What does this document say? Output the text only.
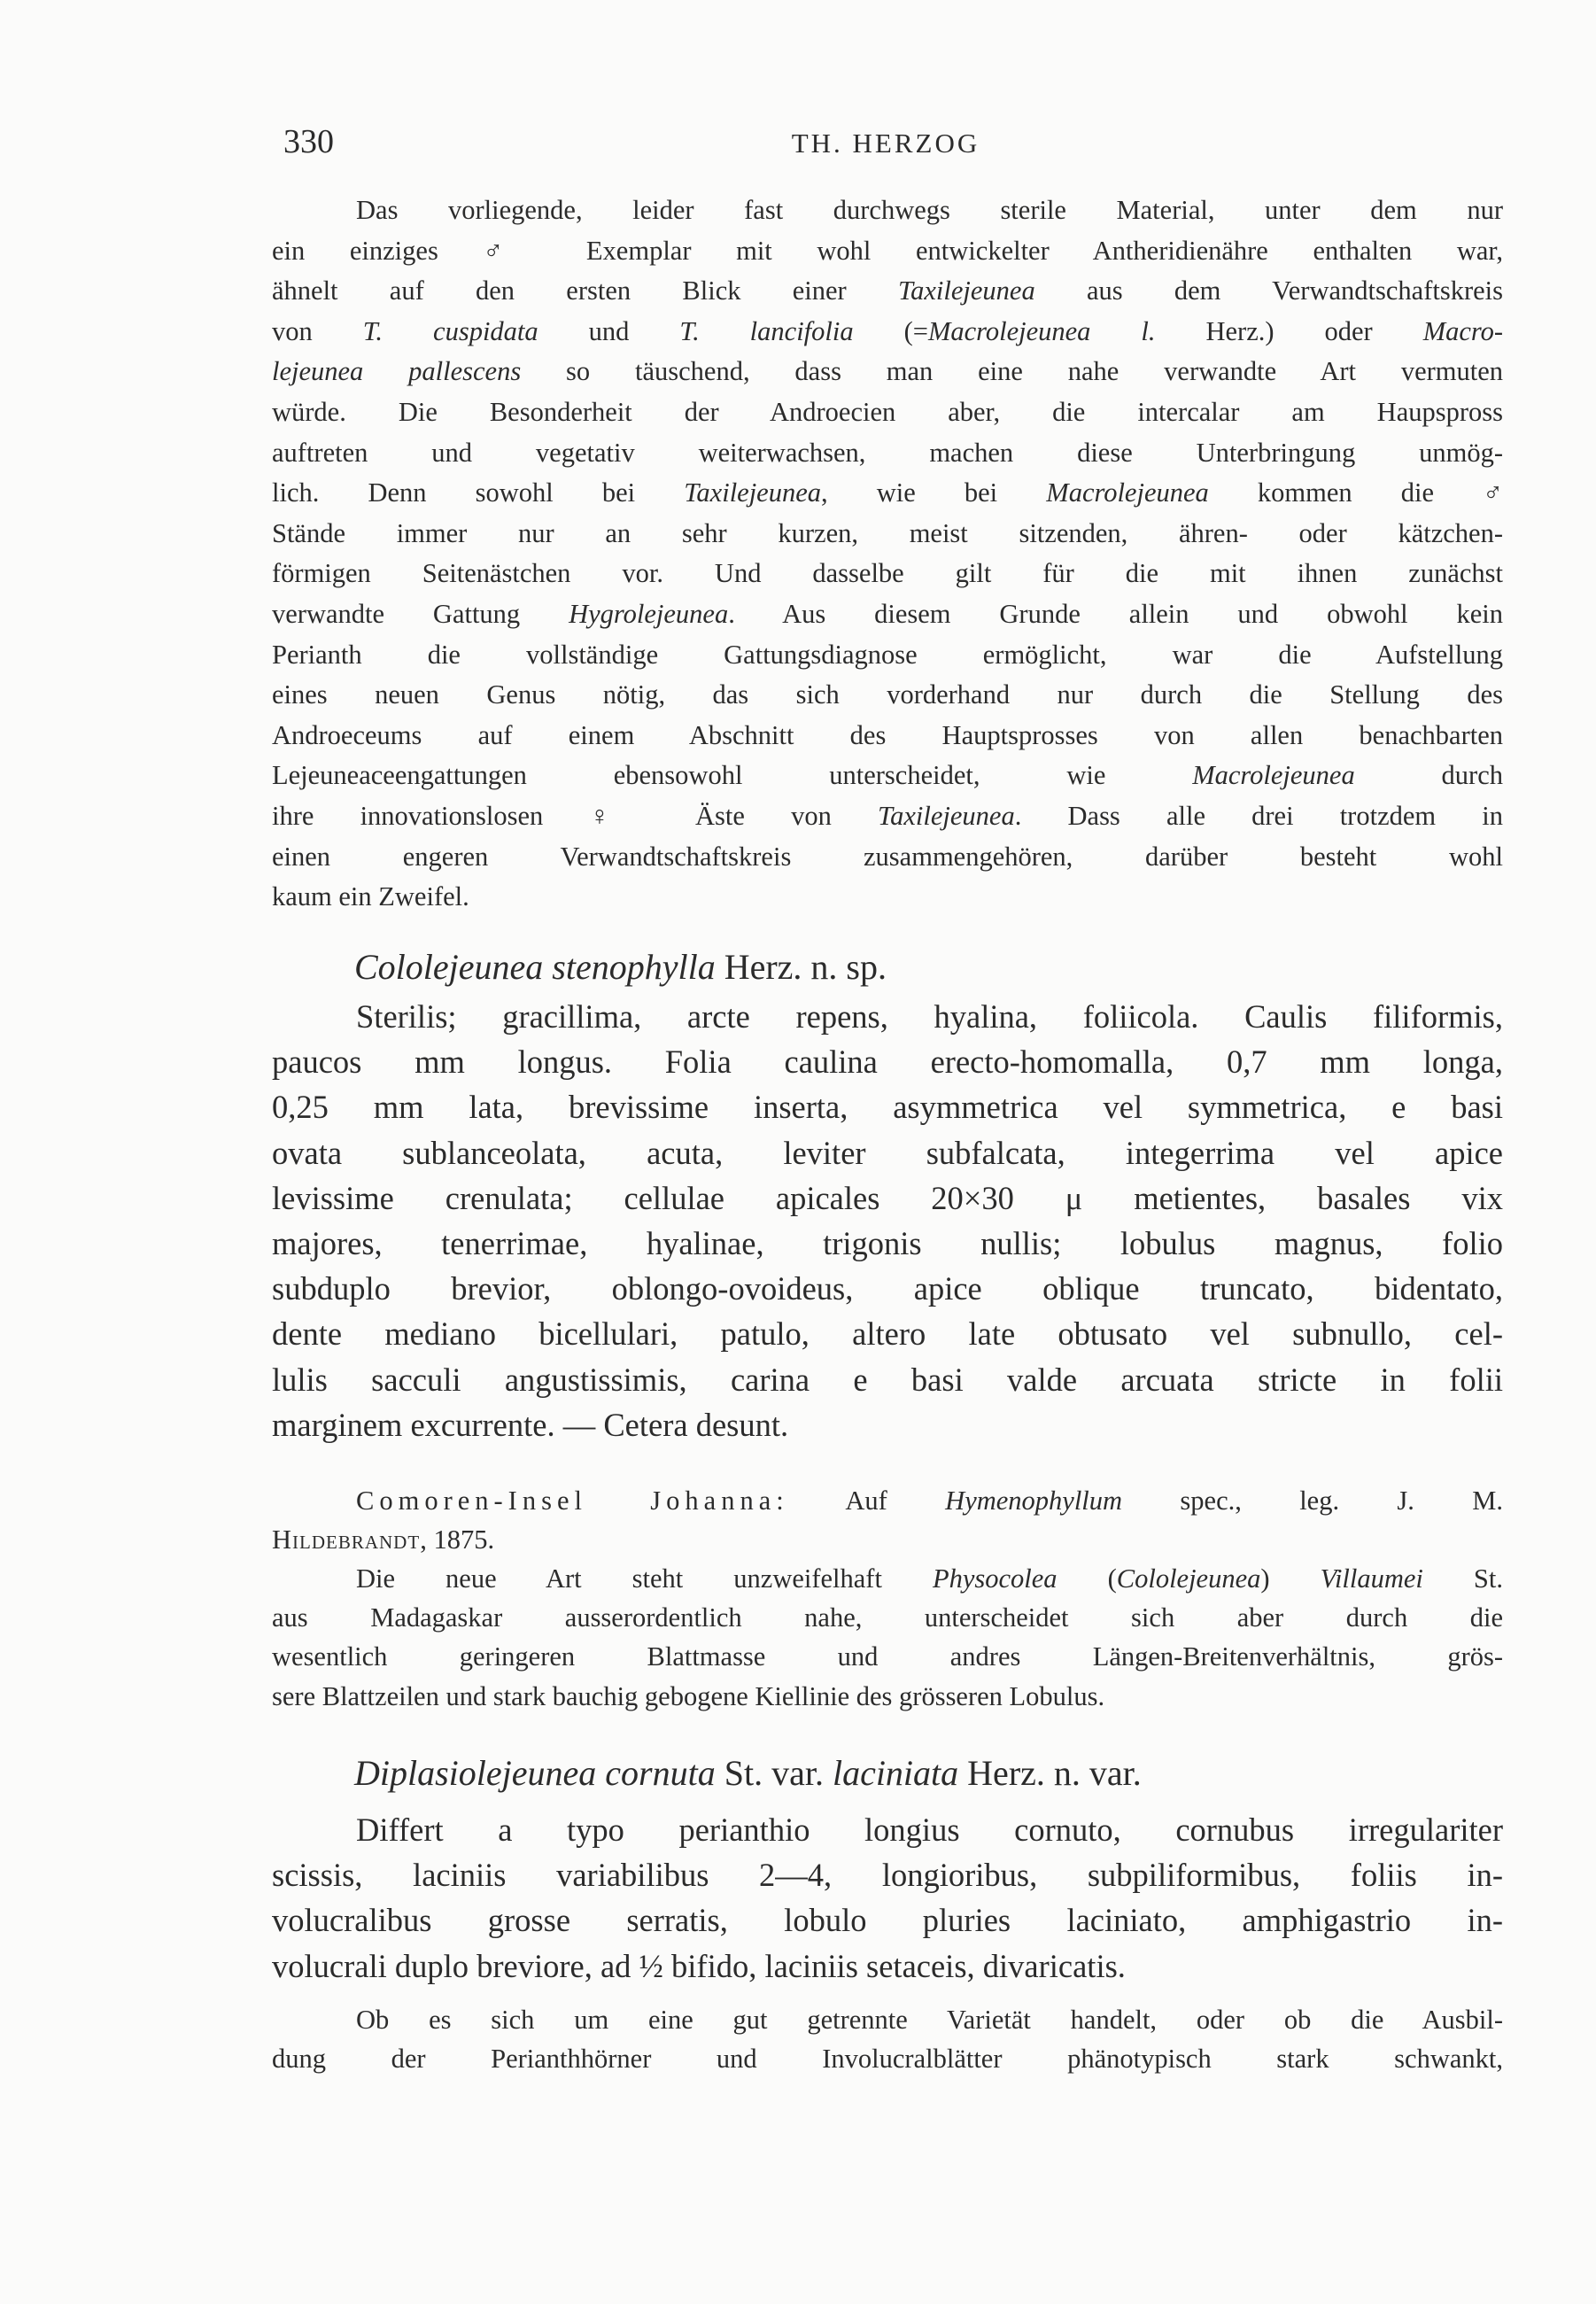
330	TH. HERZOG
Das vorliegende, leider fast durchwegs sterile Material, unter dem nur
ein einziges ♂ Exemplar mit wohl entwickelter Antheridienähre enthalten war,
ähnelt auf den ersten Blick einer Taxilejeunea aus dem Verwandtschaftskreis
von T. cuspidata und T. lancifolia (=Macrolejeunea l. Herz.) oder Macro-
lejeunea pallescens so täuschend, dass man eine nahe verwandte Art vermuten
würde. Die Besonderheit der Androecien aber, die intercalar am Haupspross
auftreten und vegetativ weiterwachsen, machen diese Unterbringung unmög-
lich. Denn sowohl bei Taxilejeunea, wie bei Macrolejeunea kommen die ♂
Stände immer nur an sehr kurzen, meist sitzenden, ähren- oder kätzchen-
förmigen Seitenästchen vor. Und dasselbe gilt für die mit ihnen zunächst
verwandte Gattung Hygrolejeunea. Aus diesem Grunde allein und obwohl kein
Perianth die vollständige Gattungsdiagnose ermöglicht, war die Aufstellung
eines neuen Genus nötig, das sich vorderhand nur durch die Stellung des
Androeceums auf einem Abschnitt des Hauptsprosses von allen benachbarten
Lejeuneaceengattungen ebensowohl unterscheidet, wie Macrolejeunea durch
ihre innovationslosen ♀ Äste von Taxilejeunea. Dass alle drei trotzdem in
einen engeren Verwandtschaftskreis zusammengehören, darüber besteht wohl
kaum ein Zweifel.
Cololejeunea stenophylla Herz. n. sp.
Sterilis; gracillima, arcte repens, hyalina, foliicola. Caulis filiformis,
paucos mm longus. Folia caulina erecto-homomalla, 0,7 mm longa,
0,25 mm lata, brevissime inserta, asymmetrica vel symmetrica, e basi
ovata sublanceolata, acuta, leviter subfalcata, integerrima vel apice
levissime crenulata; cellulae apicales 20×30 μ metientes, basales vix
majores, tenerrimae, hyalinae, trigonis nullis; lobulus magnus, folio
subduplo brevior, oblongo-ovoideus, apice oblique truncato, bidentato,
dente mediano bicellulari, patulo, altero late obtusato vel subnullo, cel-
lulis sacculi angustissimis, carina e basi valde arcuata stricte in folii
marginem excurrente. — Cetera desunt.
Comoren-Insel Johanna: Auf Hymenophyllum spec., leg. J. M.
Hildebrandt, 1875.
Die neue Art steht unzweifelhaft Physocolea (Cololejeunea) Villaumei St.
aus Madagaskar ausserordentlich nahe, unterscheidet sich aber durch die
wesentlich geringeren Blattmasse und andres Längen-Breitenverhältnis, grös-
sere Blattzeilen und stark bauchig gebogene Kiellinie des grösseren Lobulus.
Diplasiolejeunea cornuta St. var. laciniata Herz. n. var.
Differt a typo perianthio longius cornuto, cornubus irregulariter
scissis, laciniis variabilibus 2—4, longioribus, subpiliformibus, foliis in-
volucralibus grosse serratis, lobulo pluries laciniato, amphigastrio in-
volucrali duplo breviore, ad ½ bifido, laciniis setaceis, divaricatis.
Ob es sich um eine gut getrennte Varietät handelt, oder ob die Ausbil-
dung der Perianthhörner und Involucralblätter phänotypisch stark schwankt,
